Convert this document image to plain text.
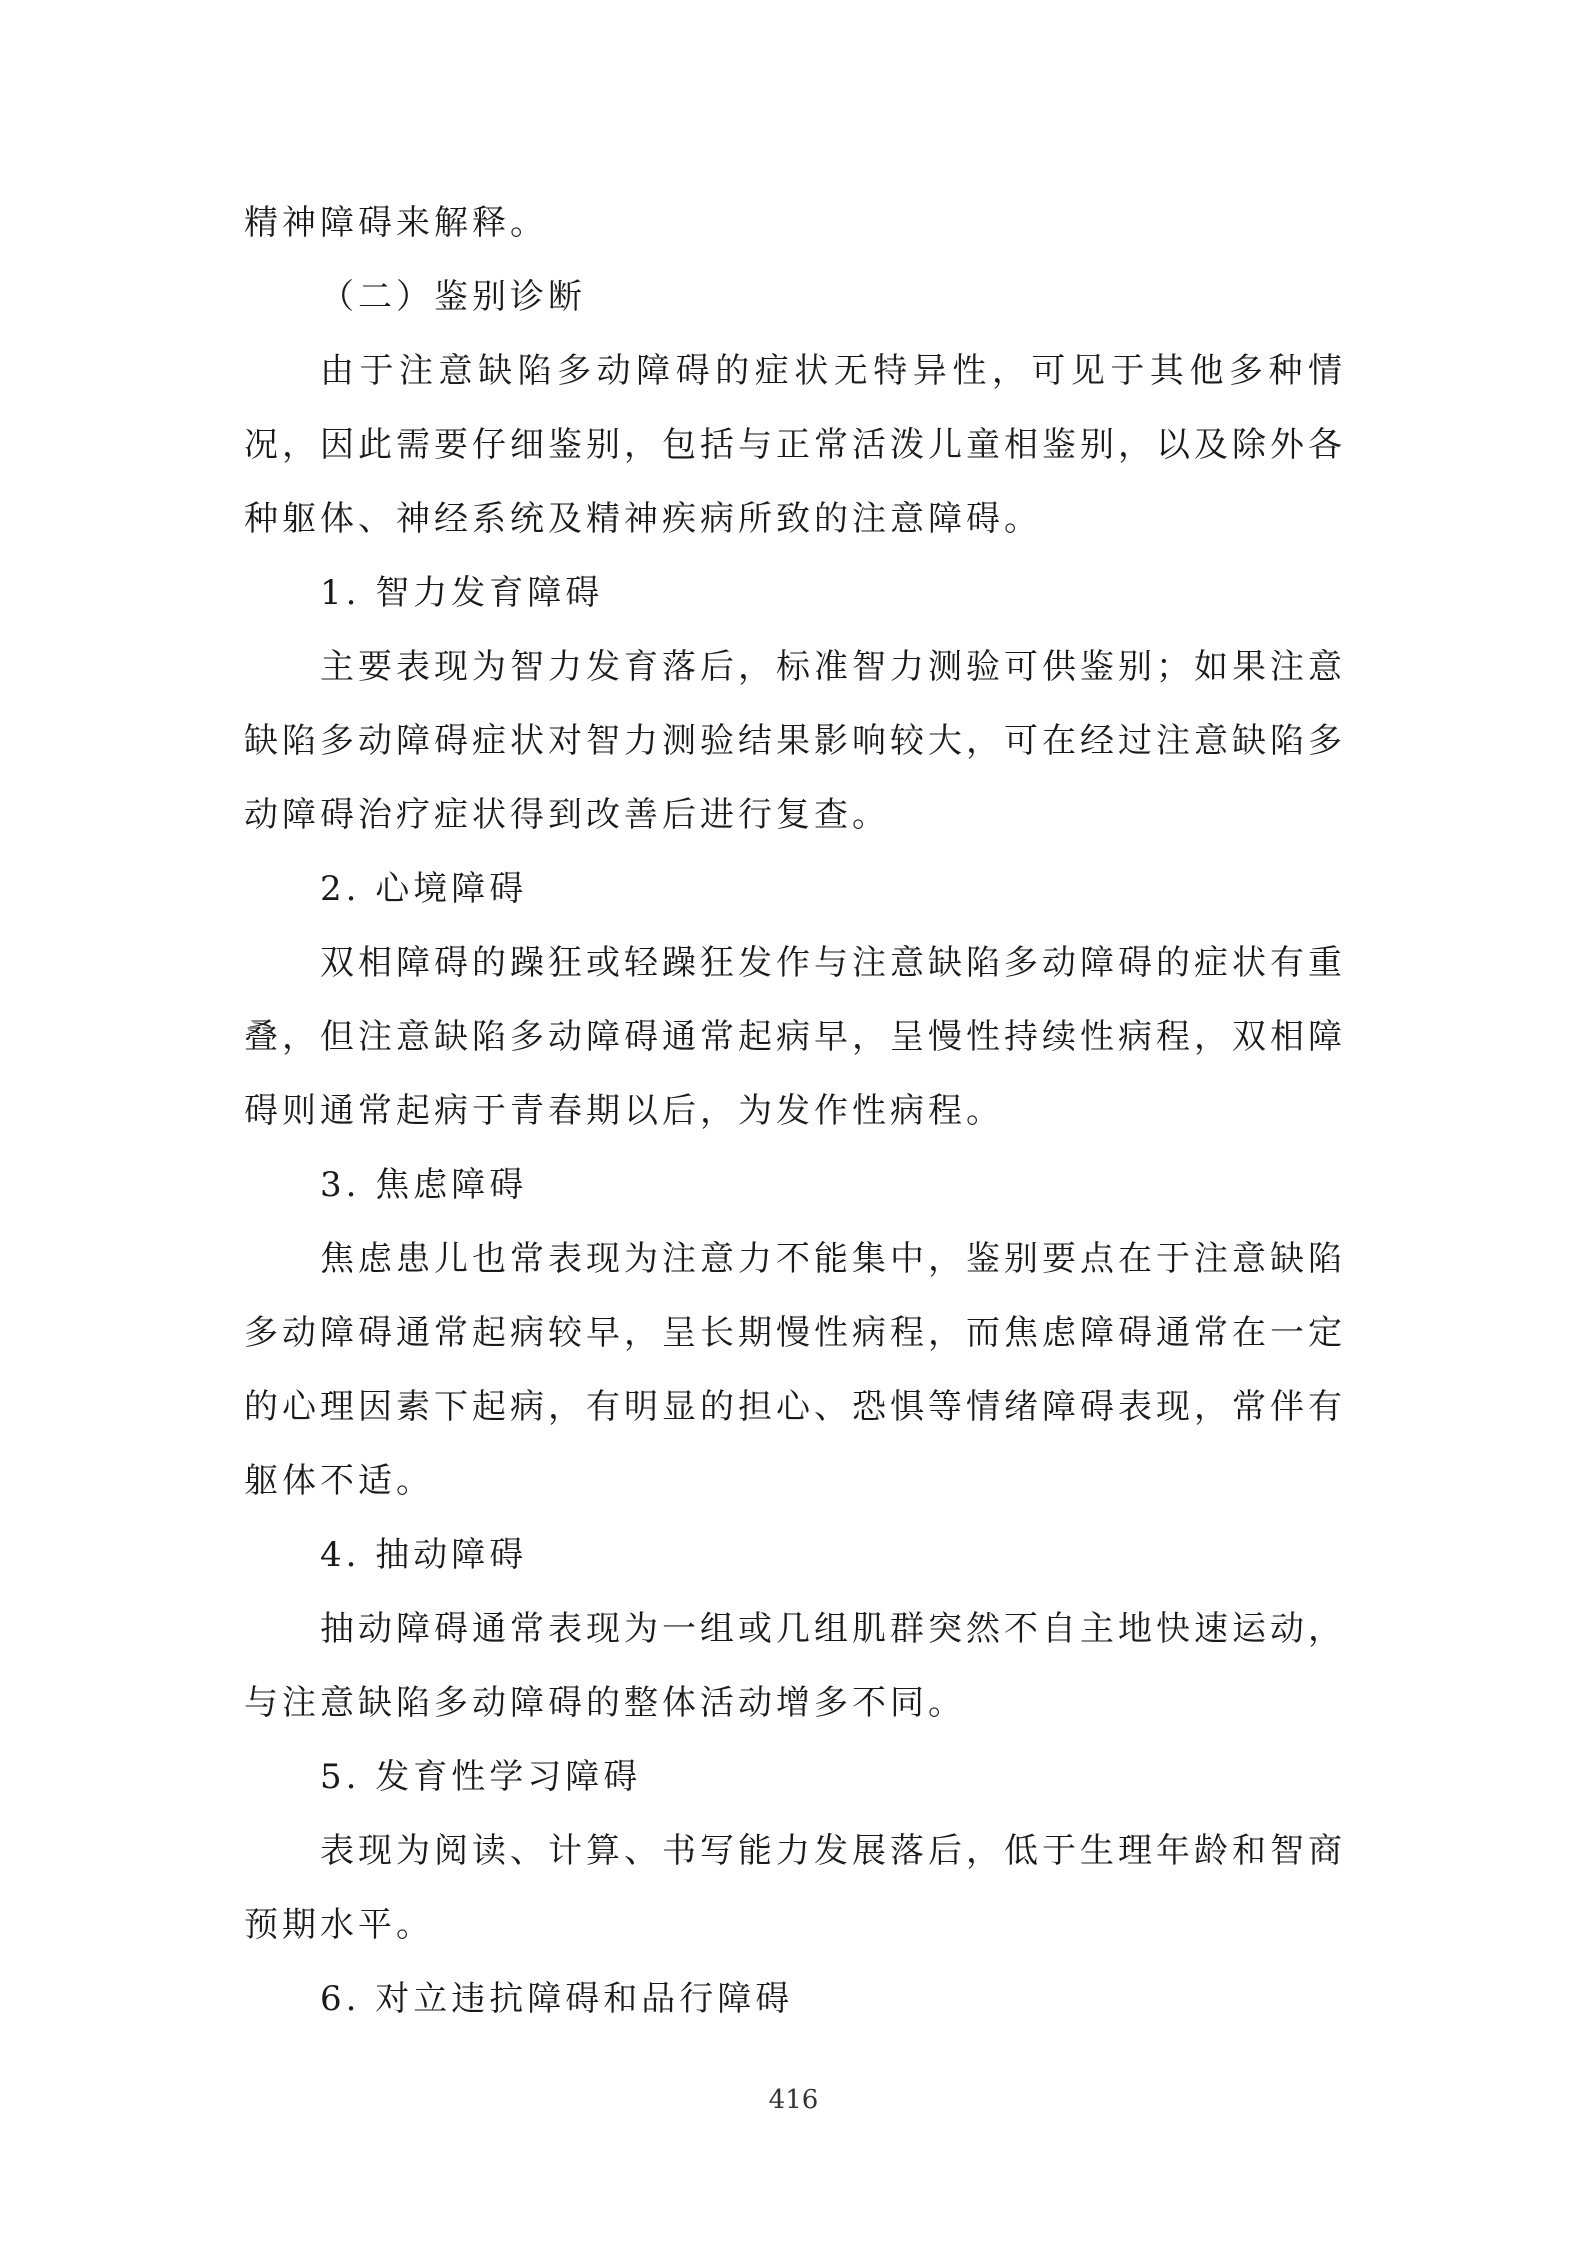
精神障碍来解释。

（二）鉴别诊断

由于注意缺陷多动障碍的症状无特异性，可见于其他多种情况，因此需要仔细鉴别，包括与正常活泼儿童相鉴别，以及除外各种躯体、神经系统及精神疾病所致的注意障碍。

1. 智力发育障碍

主要表现为智力发育落后，标准智力测验可供鉴别；如果注意缺陷多动障碍症状对智力测验结果影响较大，可在经过注意缺陷多动障碍治疗症状得到改善后进行复查。

2. 心境障碍

双相障碍的躁狂或轻躁狂发作与注意缺陷多动障碍的症状有重叠，但注意缺陷多动障碍通常起病早，呈慢性持续性病程，双相障碍则通常起病于青春期以后，为发作性病程。

3. 焦虑障碍

焦虑患儿也常表现为注意力不能集中，鉴别要点在于注意缺陷多动障碍通常起病较早，呈长期慢性病程，而焦虑障碍通常在一定的心理因素下起病，有明显的担心、恐惧等情绪障碍表现，常伴有躯体不适。

4. 抽动障碍

抽动障碍通常表现为一组或几组肌群突然不自主地快速运动，与注意缺陷多动障碍的整体活动增多不同。

5. 发育性学习障碍

表现为阅读、计算、书写能力发展落后，低于生理年龄和智商预期水平。

6. 对立违抗障碍和品行障碍

416
